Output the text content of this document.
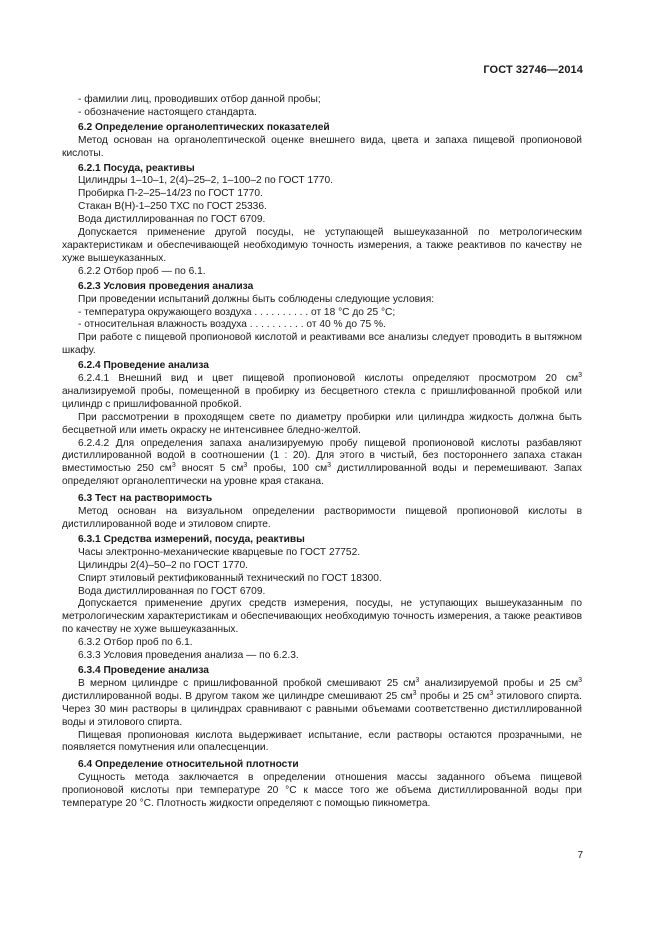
ГОСТ 32746—2014

- фамилии лиц, проводивших отбор данной пробы;

- обозначение настоящего стандарта.

6.2 Определение органолептических показателей

Метод основан на органолептической оценке внешнего вида, цвета и запаха пищевой пропионовой кислоты.

6.2.1 Посуда, реактивы

Цилиндры 1–10–1, 2(4)–25–2, 1–100–2 по ГОСТ 1770.

Пробирка П-2–25–14/23 по ГОСТ 1770.

Стакан В(Н)-1–250 ТХС по ГОСТ 25336.

Вода дистиллированная по ГОСТ 6709.

Допускается применение другой посуды, не уступающей вышеуказанной по метрологическим характеристикам и обеспечивающей необходимую точность измерения, а также реактивов по качеству не хуже вышеуказанных.

6.2.2 Отбор проб — по 6.1.

6.2.3 Условия проведения анализа

При проведении испытаний должны быть соблюдены следующие условия:

- температура окружающего воздуха . . . . . . . . . . от 18 °С до 25 °С;

- относительная влажность воздуха . . . . . . . . . . от 40 % до 75 %.

При работе с пищевой пропионовой кислотой и реактивами все анализы следует проводить в вытяжном шкафу.

6.2.4 Проведение анализа

6.2.4.1 Внешний вид и цвет пищевой пропионовой кислоты определяют просмотром 20 $см^3$ анализируемой пробы, помещенной в пробирку из бесцветного стекла с пришлифованной пробкой или цилиндр с пришлифованной пробкой.

При рассмотрении в проходящем свете по диаметру пробирки или цилиндра жидкость должна быть бесцветной или иметь окраску не интенсивнее бледно-желтой.

6.2.4.2 Для определения запаха анализируемую пробу пищевой пропионовой кислоты разбавляют дистиллированной водой в соотношении (1 : 20). Для этого в чистый, без постороннего запаха стакан вместимостью 250 $см^3$ вносят 5 $см^3$ пробы, 100 $см^3$ дистиллированной воды и перемешивают. Запах определяют органолептически на уровне края стакана.

6.3 Тест на растворимость

Метод основан на визуальном определении растворимости пищевой пропионовой кислоты в дистиллированной воде и этиловом спирте.

6.3.1 Средства измерений, посуда, реактивы

Часы электронно-механические кварцевые по ГОСТ 27752.

Цилиндры 2(4)–50–2 по ГОСТ 1770.

Спирт этиловый ректификованный технический по ГОСТ 18300.

Вода дистиллированная по ГОСТ 6709.

Допускается применение других средств измерения, посуды, не уступающих вышеуказанным по метрологическим характеристикам и обеспечивающих необходимую точность измерения, а также реактивов по качеству не хуже вышеуказанных.

6.3.2 Отбор проб по 6.1.

6.3.3 Условия проведения анализа — по 6.2.3.

6.3.4 Проведение анализа

В мерном цилиндре с пришлифованной пробкой смешивают 25 $см^3$ анализируемой пробы и 25 $см^3$ дистиллированной воды. В другом таком же цилиндре смешивают 25 $см^3$ пробы и 25 $см^3$ этилового спирта. Через 30 мин растворы в цилиндрах сравнивают с равными объемами соответственно дистиллированной воды и этилового спирта.

Пищевая пропионовая кислота выдерживает испытание, если растворы остаются прозрачными, не появляется помутнения или опалесценции.

6.4 Определение относительной плотности

Сущность метода заключается в определении отношения массы заданного объема пищевой пропионовой кислоты при температуре 20 °С к массе того же объема дистиллированной воды при температуре 20 °С. Плотность жидкости определяют с помощью пикнометра.

7
